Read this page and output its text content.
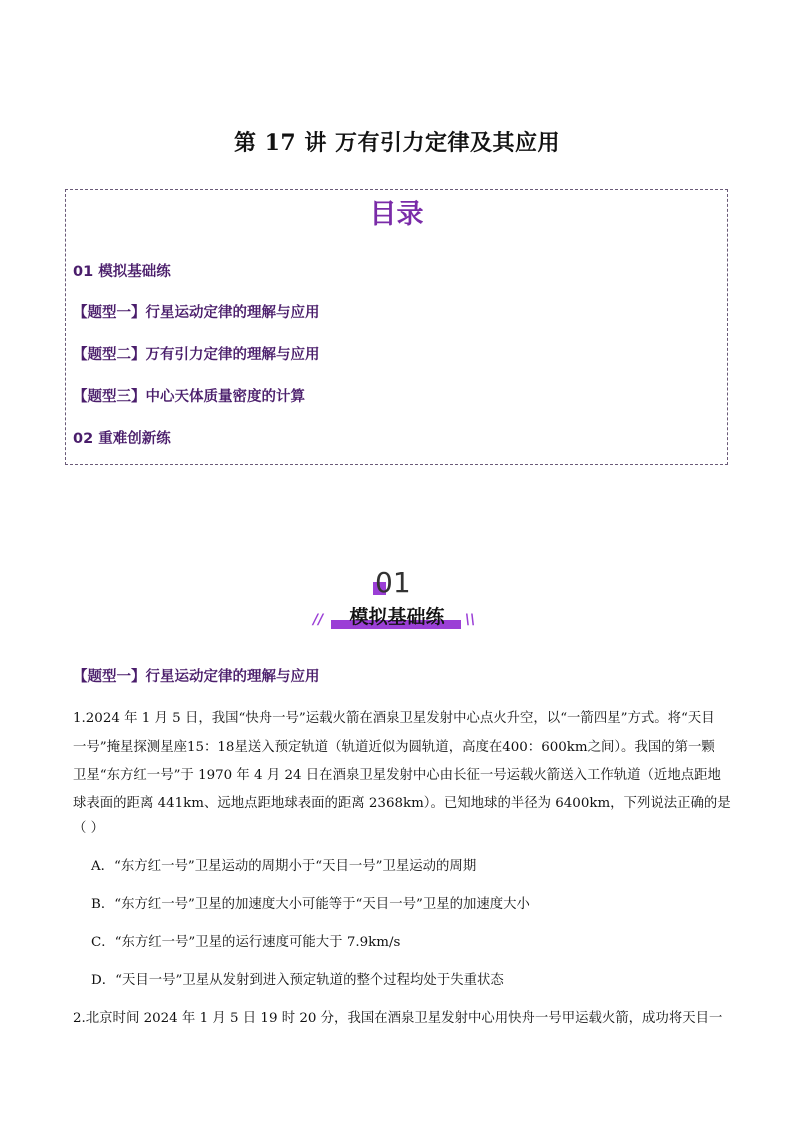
第 17 讲 万有引力定律及其应用
目录
01 模拟基础练
【题型一】行星运动定律的理解与应用
【题型二】万有引力定律的理解与应用
【题型三】中心天体质量密度的计算
02 重难创新练
01
模拟基础练
//	\\
【题型一】行星运动定律的理解与应用
1.2024 年 1 月 5 日，我国“快舟一号”运载火箭在酒泉卫星发射中心点火升空，以“一箭四星”方式。将“天目
一号”掩星探测星座15：18星送入预定轨道（轨道近似为圆轨道，高度在400：600km之间）。我国的第一颗
卫星“东方红一号”于 1970 年 4 月 24 日在酒泉卫星发射中心由长征一号运载火箭送入工作轨道（近地点距地
球表面的距离 441km、远地点距地球表面的距离 2368km）。已知地球的半径为 6400km，下列说法正确的是
（ ）
A．“东方红一号”卫星运动的周期小于“天目一号”卫星运动的周期
B．“东方红一号”卫星的加速度大小可能等于“天目一号”卫星的加速度大小
C．“东方红一号”卫星的运行速度可能大于 7.9km/s
D．“天目一号”卫星从发射到进入预定轨道的整个过程均处于失重状态
2.北京时间 2024 年 1 月 5 日 19 时 20 分，我国在酒泉卫星发射中心用快舟一号甲运载火箭，成功将天目一
